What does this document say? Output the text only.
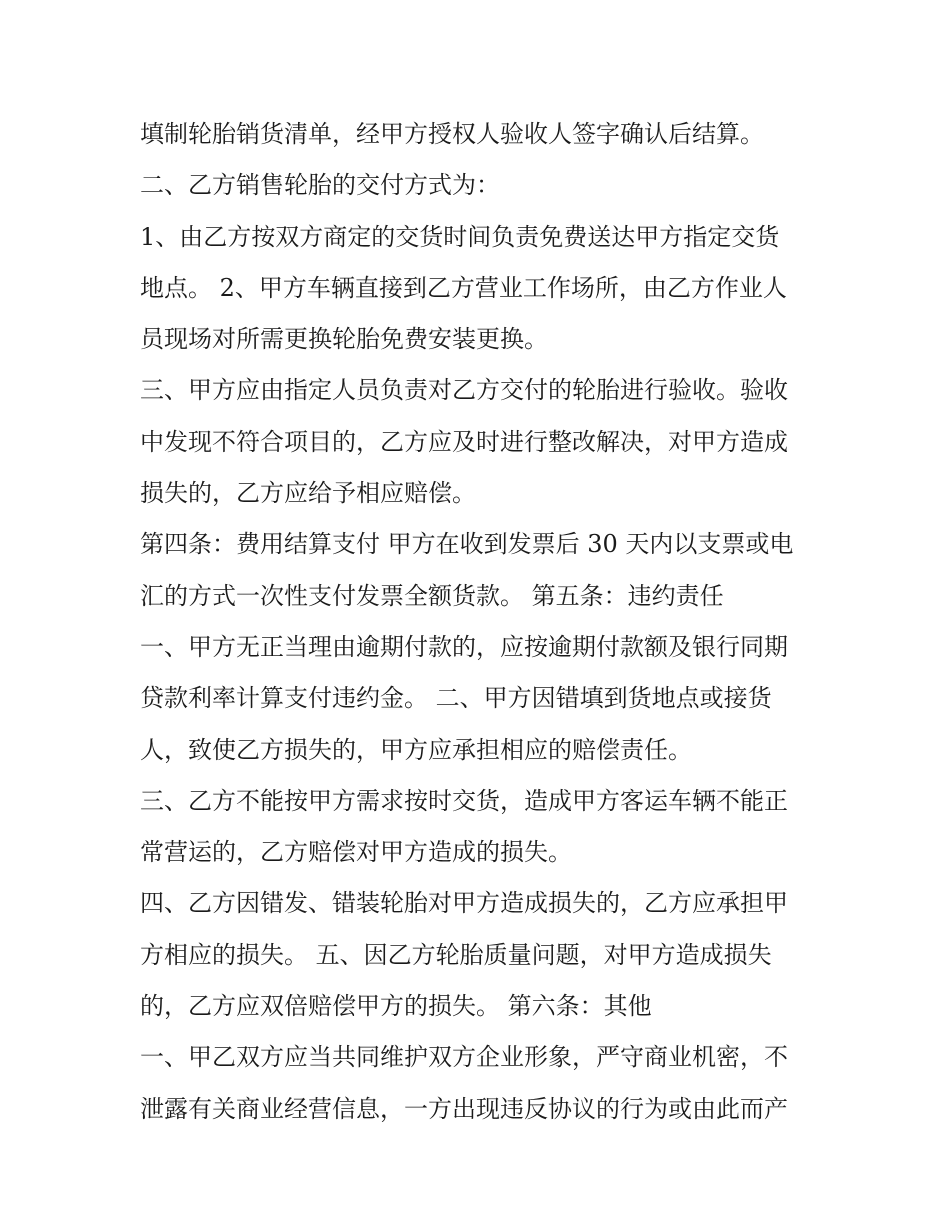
填制轮胎销货清单，经甲方授权人验收人签字确认后结算。
二、乙方销售轮胎的交付方式为：
1、由乙方按双方商定的交货时间负责免费送达甲方指定交货
地点。 2、甲方车辆直接到乙方营业工作场所，由乙方作业人
员现场对所需更换轮胎免费安装更换。
三、甲方应由指定人员负责对乙方交付的轮胎进行验收。验收
中发现不符合项目的，乙方应及时进行整改解决，对甲方造成
损失的，乙方应给予相应赔偿。
第四条：费用结算支付 甲方在收到发票后 30 天内以支票或电
汇的方式一次性支付发票全额货款。 第五条：违约责任
一、甲方无正当理由逾期付款的，应按逾期付款额及银行同期
贷款利率计算支付违约金。 二、甲方因错填到货地点或接货
人，致使乙方损失的，甲方应承担相应的赔偿责任。
三、乙方不能按甲方需求按时交货，造成甲方客运车辆不能正
常营运的，乙方赔偿对甲方造成的损失。
四、乙方因错发、错装轮胎对甲方造成损失的，乙方应承担甲
方相应的损失。 五、因乙方轮胎质量问题，对甲方造成损失
的，乙方应双倍赔偿甲方的损失。 第六条：其他
一、甲乙双方应当共同维护双方企业形象，严守商业机密，不
泄露有关商业经营信息，一方出现违反协议的行为或由此而产
